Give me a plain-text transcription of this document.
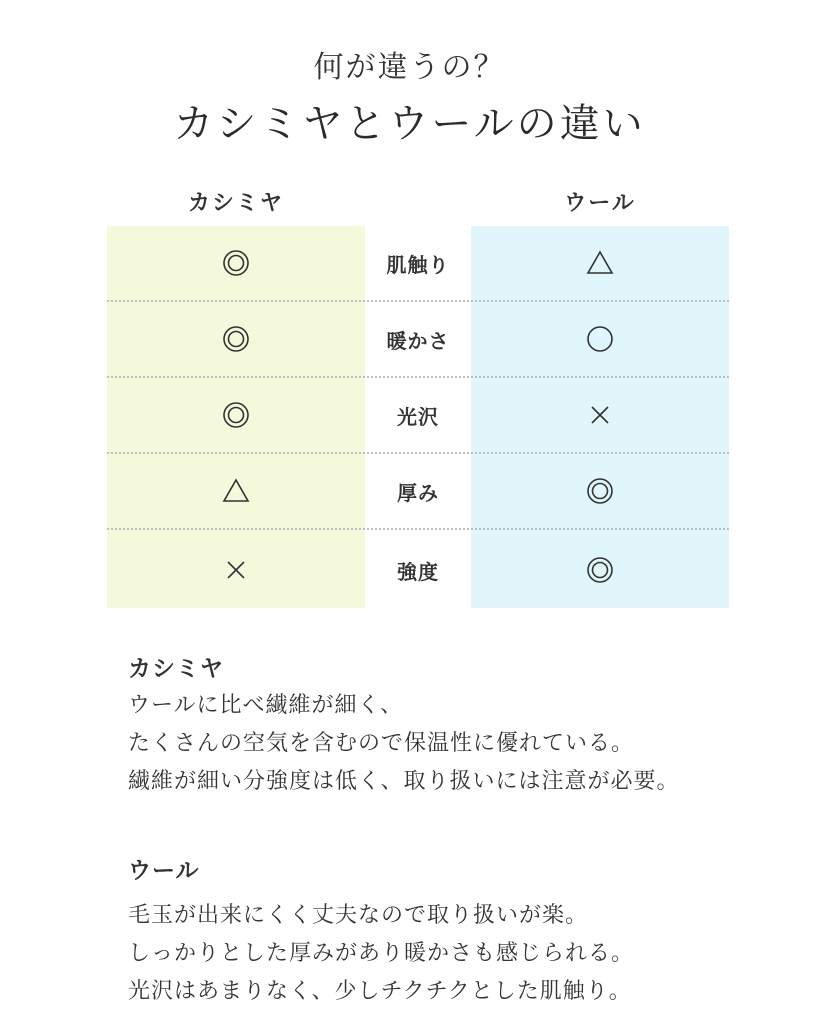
何が違うの？
カシミヤとウールの違い
カシミヤ	ウール
肌触り
暖かさ
光沢
厚み
強度
カシミヤ
ウールに比べ繊維が細く、
たくさんの空気を含むので保温性に優れている。
繊維が細い分強度は低く、取り扱いには注意が必要。
ウール
毛玉が出来にくく丈夫なので取り扱いが楽。
しっかりとした厚みがあり暖かさも感じられる。
光沢はあまりなく、少しチクチクとした肌触り。
